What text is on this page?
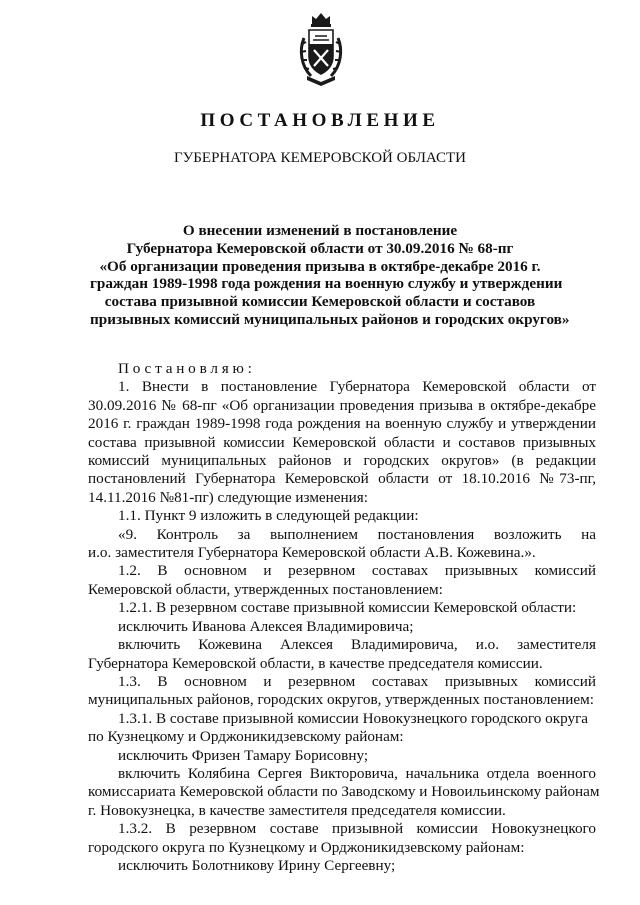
ПОСТАНОВЛЕНИЕ
ГУБЕРНАТОРА КЕМЕРОВСКОЙ ОБЛАСТИ
О внесении изменений в постановление
Губернатора Кемеровской области от 30.09.2016 № 68-пг
«Об организации проведения призыва в октябре-декабре 2016 г.
граждан 1989-1998 года рождения на военную службу и утверждении
состава призывной комиссии Кемеровской области и составов
призывных комиссий муниципальных районов и городских округов»
Постановляю:
1. Внести в постановление Губернатора Кемеровской области от
30.09.2016 № 68-пг «Об организации проведения призыва в октябре-декабре
2016 г. граждан 1989-1998 года рождения на военную службу и утверждении
состава призывной комиссии Кемеровской области и составов призывных
комиссий муниципальных районов и городских округов» (в редакции
постановлений Губернатора Кемеровской области от 18.10.2016 №73-пг,
14.11.2016 №81-пг) следующие изменения:
1.1. Пункт 9 изложить в следующей редакции:
«9. Контроль за выполнением постановления возложить на
и.о. заместителя Губернатора Кемеровской области А.В. Кожевина.».
1.2. В основном и резервном составах призывных комиссий
Кемеровской области, утвержденных постановлением:
1.2.1. В резервном составе призывной комиссии Кемеровской области:
исключить Иванова Алексея Владимировича;
включить Кожевина Алексея Владимировича, и.о. заместителя
Губернатора Кемеровской области, в качестве председателя комиссии.
1.3. В основном и резервном составах призывных комиссий
муниципальных районов, городских округов, утвержденных постановлением:
1.3.1. В составе призывной комиссии Новокузнецкого городского округа
по Кузнецкому и Орджоникидзевскому районам:
исключить Фризен Тамару Борисовну;
включить Колябина Сергея Викторовича, начальника отдела военного
комиссариата Кемеровской области по Заводскому и Новоильинскому районам
г. Новокузнецка, в качестве заместителя председателя комиссии.
1.3.2. В резервном составе призывной комиссии Новокузнецкого
городского округа по Кузнецкому и Орджоникидзевскому районам:
исключить Болотникову Ирину Сергеевну;
